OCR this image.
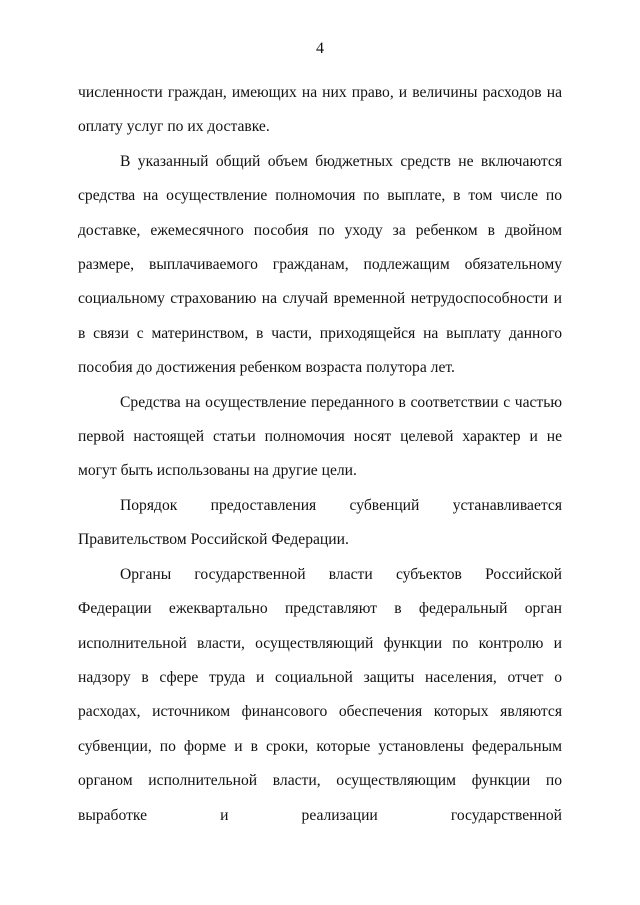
4

численности граждан, имеющих на них право, и величины расходов на оплату услуг по их доставке.

В указанный общий объем бюджетных средств не включаются средства на осуществление полномочия по выплате, в том числе по доставке, ежемесячного пособия по уходу за ребенком в двойном размере, выплачиваемого гражданам, подлежащим обязательному социальному страхованию на случай временной нетрудоспособности и в связи с материнством, в части, приходящейся на выплату данного пособия до достижения ребенком возраста полутора лет.

Средства на осуществление переданного в соответствии с частью первой настоящей статьи полномочия носят целевой характер и не могут быть использованы на другие цели.

Порядок предоставления субвенций устанавливается Правительством Российской Федерации.

Органы государственной власти субъектов Российской Федерации ежеквартально представляют в федеральный орган исполнительной власти, осуществляющий функции по контролю и надзору в сфере труда и социальной защиты населения, отчет о расходах, источником финансового обеспечения которых являются субвенции, по форме и в сроки, которые установлены федеральным органом исполнительной власти, осуществляющим функции по выработке и реализации государственной
